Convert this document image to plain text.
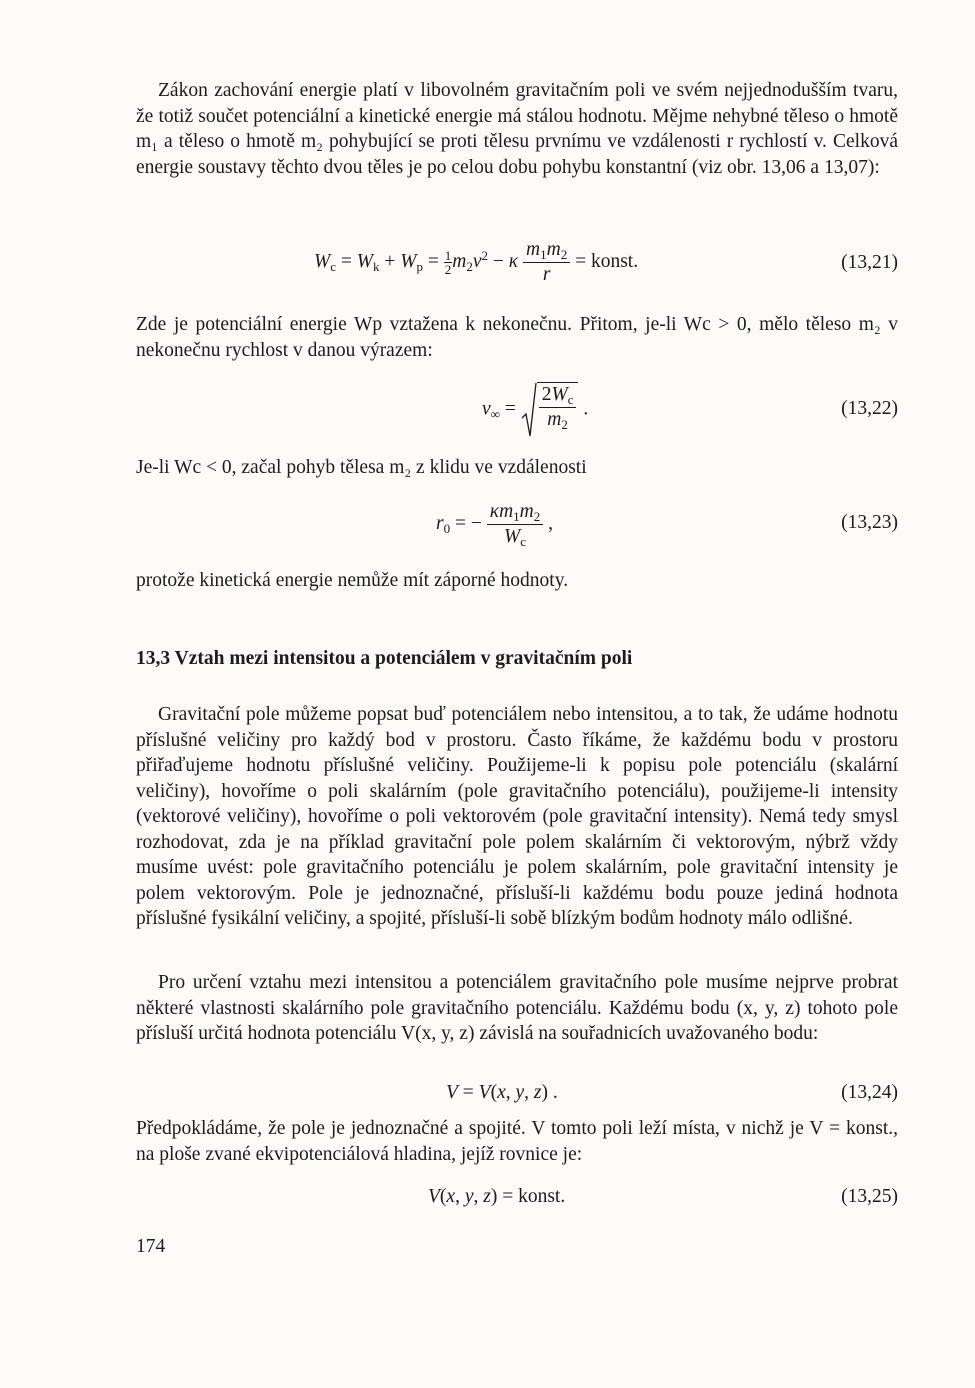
Zákon zachování energie platí v libovolném gravitačním poli ve svém nejjednodušším tvaru, že totiž součet potenciální a kinetické energie má stálou hodnotu. Mějme nehybné těleso o hmotě m₁ a těleso o hmotě m₂ pohybující se proti tělesu prvnímu ve vzdálenosti r rychlostí v. Celková energie soustavy těchto dvou těles je po celou dobu pohybu konstantní (viz obr. 13,06 a 13,07):

$W_c = W_k + W_p = \frac{1}{2} m_2v^2 - \kappa \frac{m_1m_2}{r}$ = konst.	(13,21)

Zde je potenciální energie Wp vztažena k nekonečnu. Přitom, je-li Wc > 0, mělo těleso m₂ v nekonečnu rychlost v danou výrazem:

$v_\infty = \frac{2W_c}{m_2}$ .	(13,22)

Je-li Wc < 0, začal pohyb tělesa m₂ z klidu ve vzdálenosti

$r_0$ = − $\frac{\kappa m_1m_2}{W_c}$ ,	(13,23)

protože kinetická energie nemůže mít záporné hodnoty.

13,3 Vztah mezi intensitou a potenciálem v gravitačním poli

Gravitační pole můžeme popsat buď potenciálem nebo intensitou, a to tak, že udáme hodnotu příslušné veličiny pro každý bod v prostoru. Často říkáme, že každému bodu v prostoru přiřaďujeme hodnotu příslušné veličiny. Použijeme-li k popisu pole potenciálu (skalární veličiny), hovoříme o poli skalárním (pole gravitačního potenciálu), použijeme-li intensity (vektorové veličiny), hovoříme o poli vektorovém (pole gravitační intensity). Nemá tedy smysl rozhodovat, zda je na příklad gravitační pole polem skalárním či vektorovým, nýbrž vždy musíme uvést: pole gravitačního potenciálu je polem skalárním, pole gravitační intensity je polem vektorovým. Pole je jednoznačné, přísluší-li každému bodu pouze jediná hodnota příslušné fysikální veličiny, a spojité, přísluší-li sobě blízkým bodům hodnoty málo odlišné.

Pro určení vztahu mezi intensitou a potenciálem gravitačního pole musíme nejprve probrat některé vlastnosti skalárního pole gravitačního potenciálu. Každému bodu (x, y, z) tohoto pole přísluší určitá hodnota potenciálu V(x, y, z) závislá na souřadnicích uvažovaného bodu:

V = V(x, y, z) .	(13,24)

Předpokládáme, že pole je jednoznačné a spojité. V tomto poli leží místa, v nichž je V = konst., na ploše zvané ekvipotenciálová hladina, jejíž rovnice je:

V(x, y, z) = konst.	(13,25)
174
